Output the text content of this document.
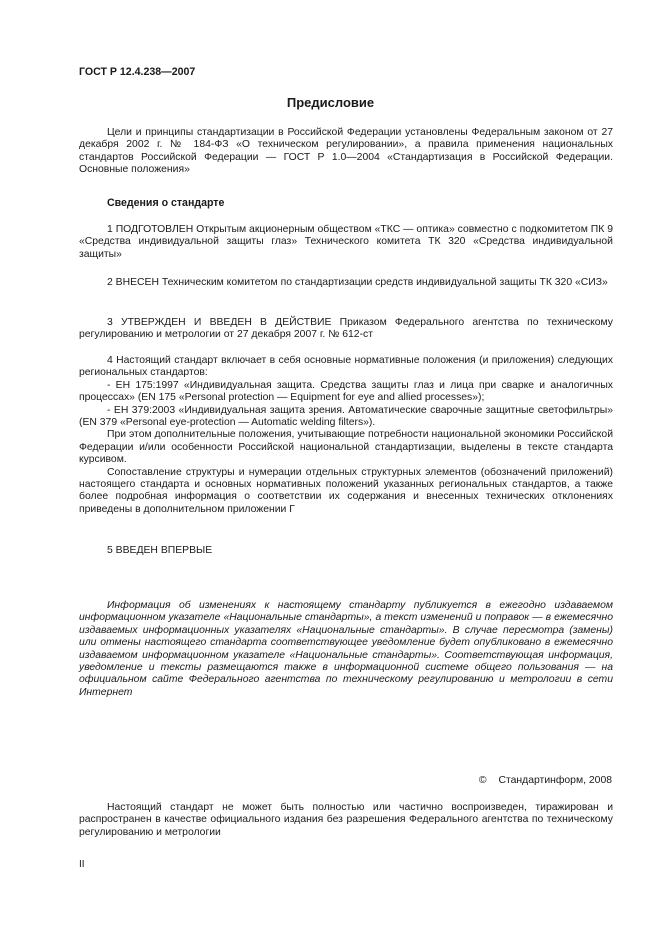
ГОСТ Р 12.4.238—2007
Предисловие

Цели и принципы стандартизации в Российской Федерации установлены Федеральным законом от 27 декабря 2002 г. № 184-ФЗ «О техническом регулировании», а правила применения национальных стандартов Российской Федерации — ГОСТ Р 1.0—2004 «Стандартизация в Российской Федерации. Основные положения»

Сведения о стандарте

1 ПОДГОТОВЛЕН Открытым акционерным обществом «ТКС — оптика» совместно с подкомитетом ПК 9 «Средства индивидуальной защиты глаз» Технического комитета ТК 320 «Средства индивидуальной защиты»

2 ВНЕСЕН Техническим комитетом по стандартизации средств индивидуальной защиты ТК 320 «СИЗ»

3 УТВЕРЖДЕН И ВВЕДЕН В ДЕЙСТВИЕ Приказом Федерального агентства по техническому регулированию и метрологии от 27 декабря 2007 г. № 612-ст

4 Настоящий стандарт включает в себя основные нормативные положения (и приложения) следующих региональных стандартов:

- ЕН 175:1997 «Индивидуальная защита. Средства защиты глаз и лица при сварке и аналогичных процессах» (EN 175 «Personal protection — Equipment for eye and allied processes»);

- ЕН 379:2003 «Индивидуальная защита зрения. Автоматические сварочные защитные светофильтры» (EN 379 «Personal eye-protection — Automatic welding filters»).

При этом дополнительные положения, учитывающие потребности национальной экономики Российской Федерации и/или особенности Российской национальной стандартизации, выделены в тексте стандарта курсивом.

Сопоставление структуры и нумерации отдельных структурных элементов (обозначений приложений) настоящего стандарта и основных нормативных положений указанных региональных стандартов, а также более подробная информация о соответствии их содержания и внесенных технических отклонениях приведены в дополнительном приложении Г

5 ВВЕДЕН ВПЕРВЫЕ

Информация об изменениях к настоящему стандарту публикуется в ежегодно издаваемом информационном указателе «Национальные стандарты», а текст изменений и поправок — в ежемесячно издаваемых информационных указателях «Национальные стандарты». В случае пересмотра (замены) или отмены настоящего стандарта соответствующее уведомление будет опубликовано в ежемесячно издаваемом информационном указателе «Национальные стандарты». Соответствующая информация, уведомление и тексты размещаются также в информационной системе общего пользования — на официальном сайте Федерального агентства по техническому регулированию и метрологии в сети Интернет

© Стандартинформ, 2008

Настоящий стандарт не может быть полностью или частично воспроизведен, тиражирован и распространен в качестве официального издания без разрешения Федерального агентства по техническому регулированию и метрологии

II
